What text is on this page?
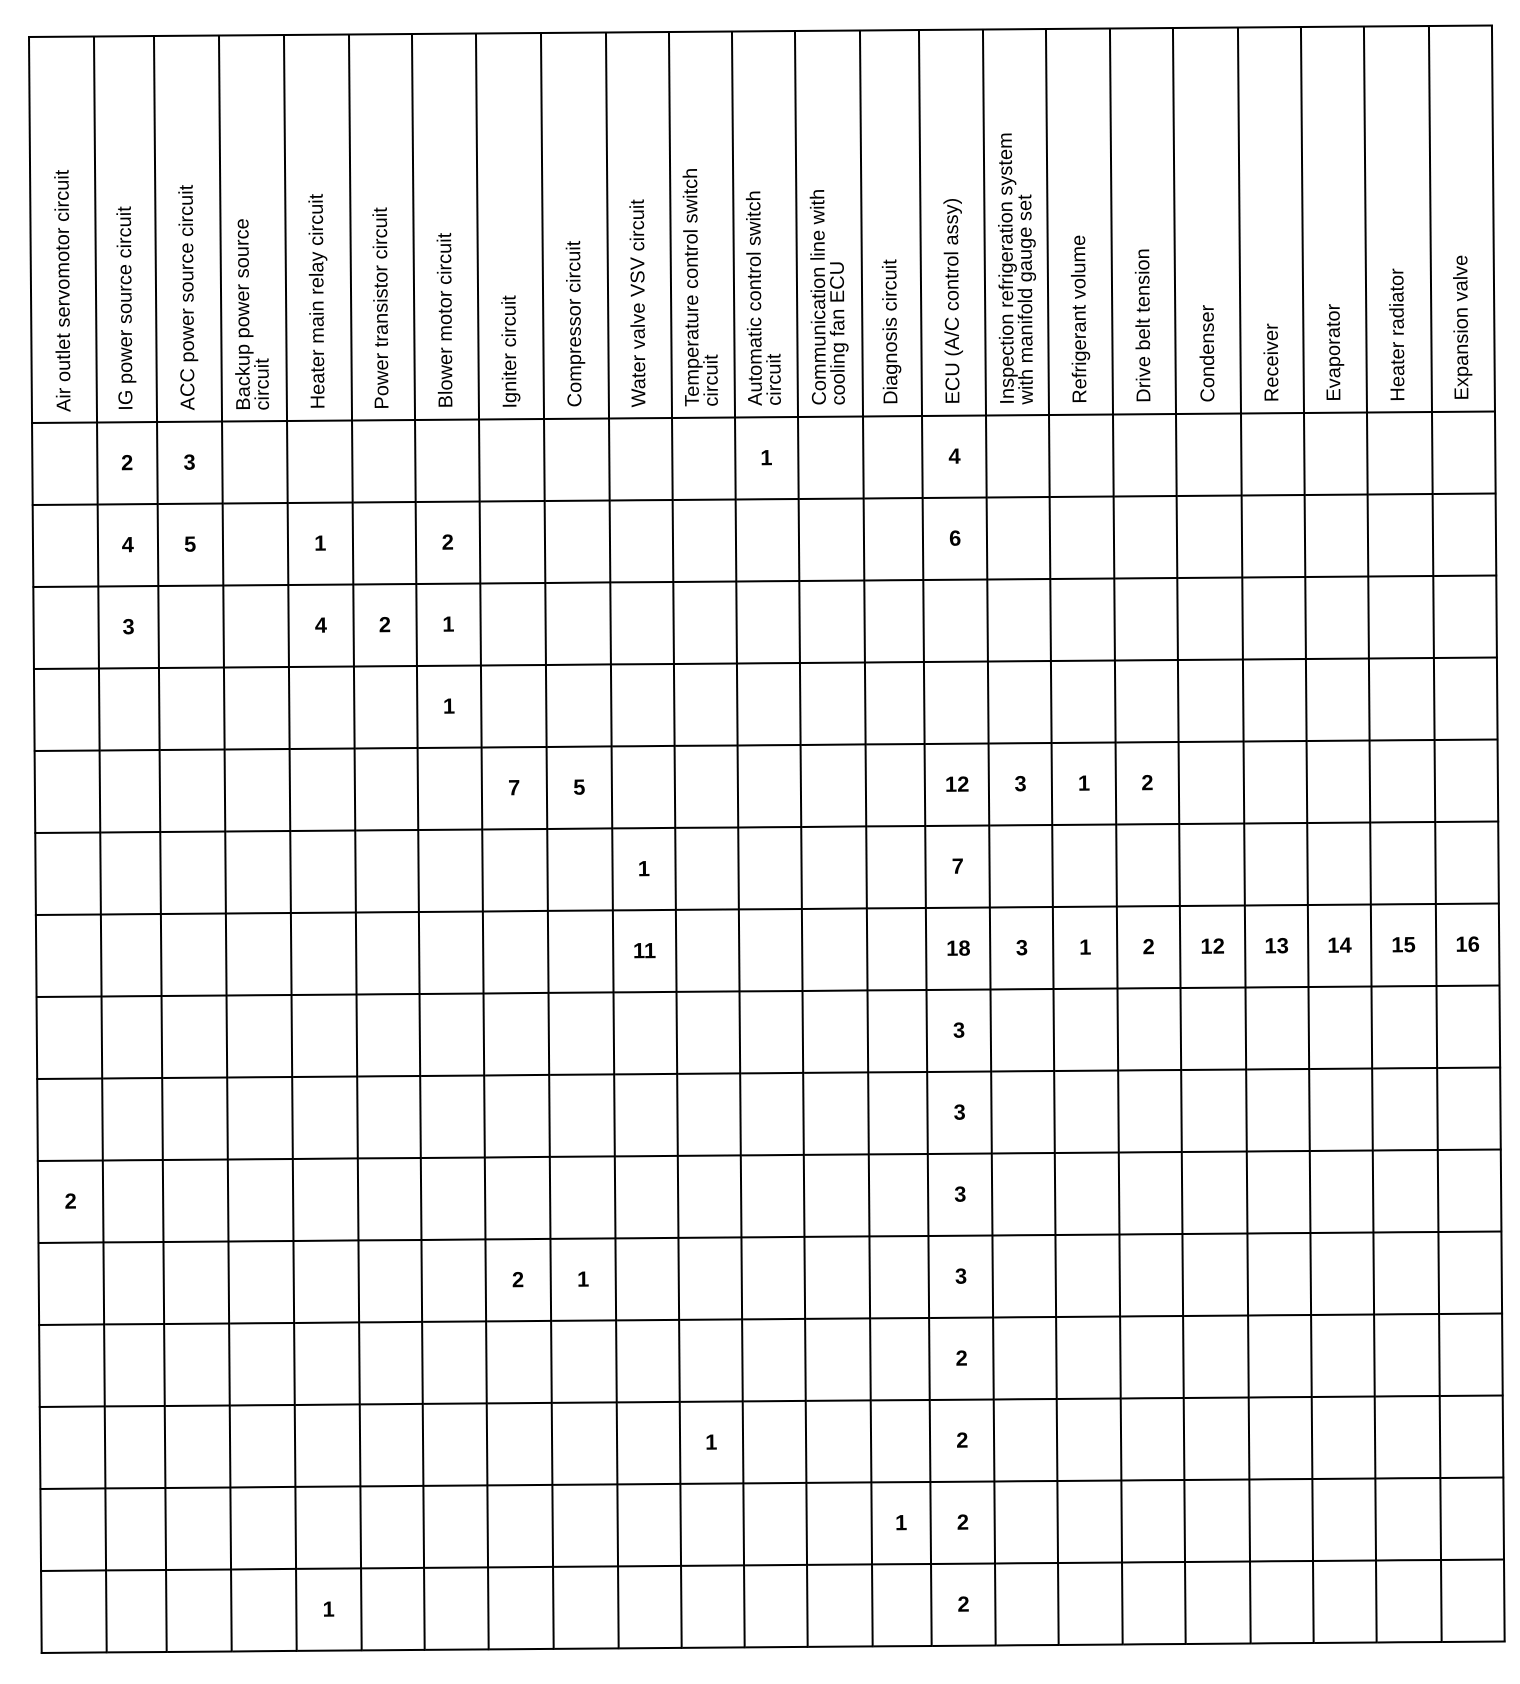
Air outlet servomotor circuit	IG power source circuit	ACC power source circuit	Backup power source
circuit	Heater main relay circuit	Power transistor circuit	Blower motor circuit	Igniter circuit	Compressor circuit	Water valve VSV circuit	Temperature control switch
circuit	Automatic control switch
circuit	Communication line with
cooling fan ECU	Diagnosis circuit	ECU (A/C control assy)	Inspection refrigeration system
with manifold gauge set	Refrigerant volume	Drive belt tension	Condenser	Receiver	Evaporator	Heater radiator	Expansion valve

	2	3									1			4								
	4	5		1		2								6								
	3			4	2	1																
						1																
							7	5						12	3	1	2					
									1					7								
									11					18	3	1	2	12	13	14	15	16
														3								
														3								
2														3								
							2	1						3								
														2								
										1				2								
													1	2								
				1										2								
